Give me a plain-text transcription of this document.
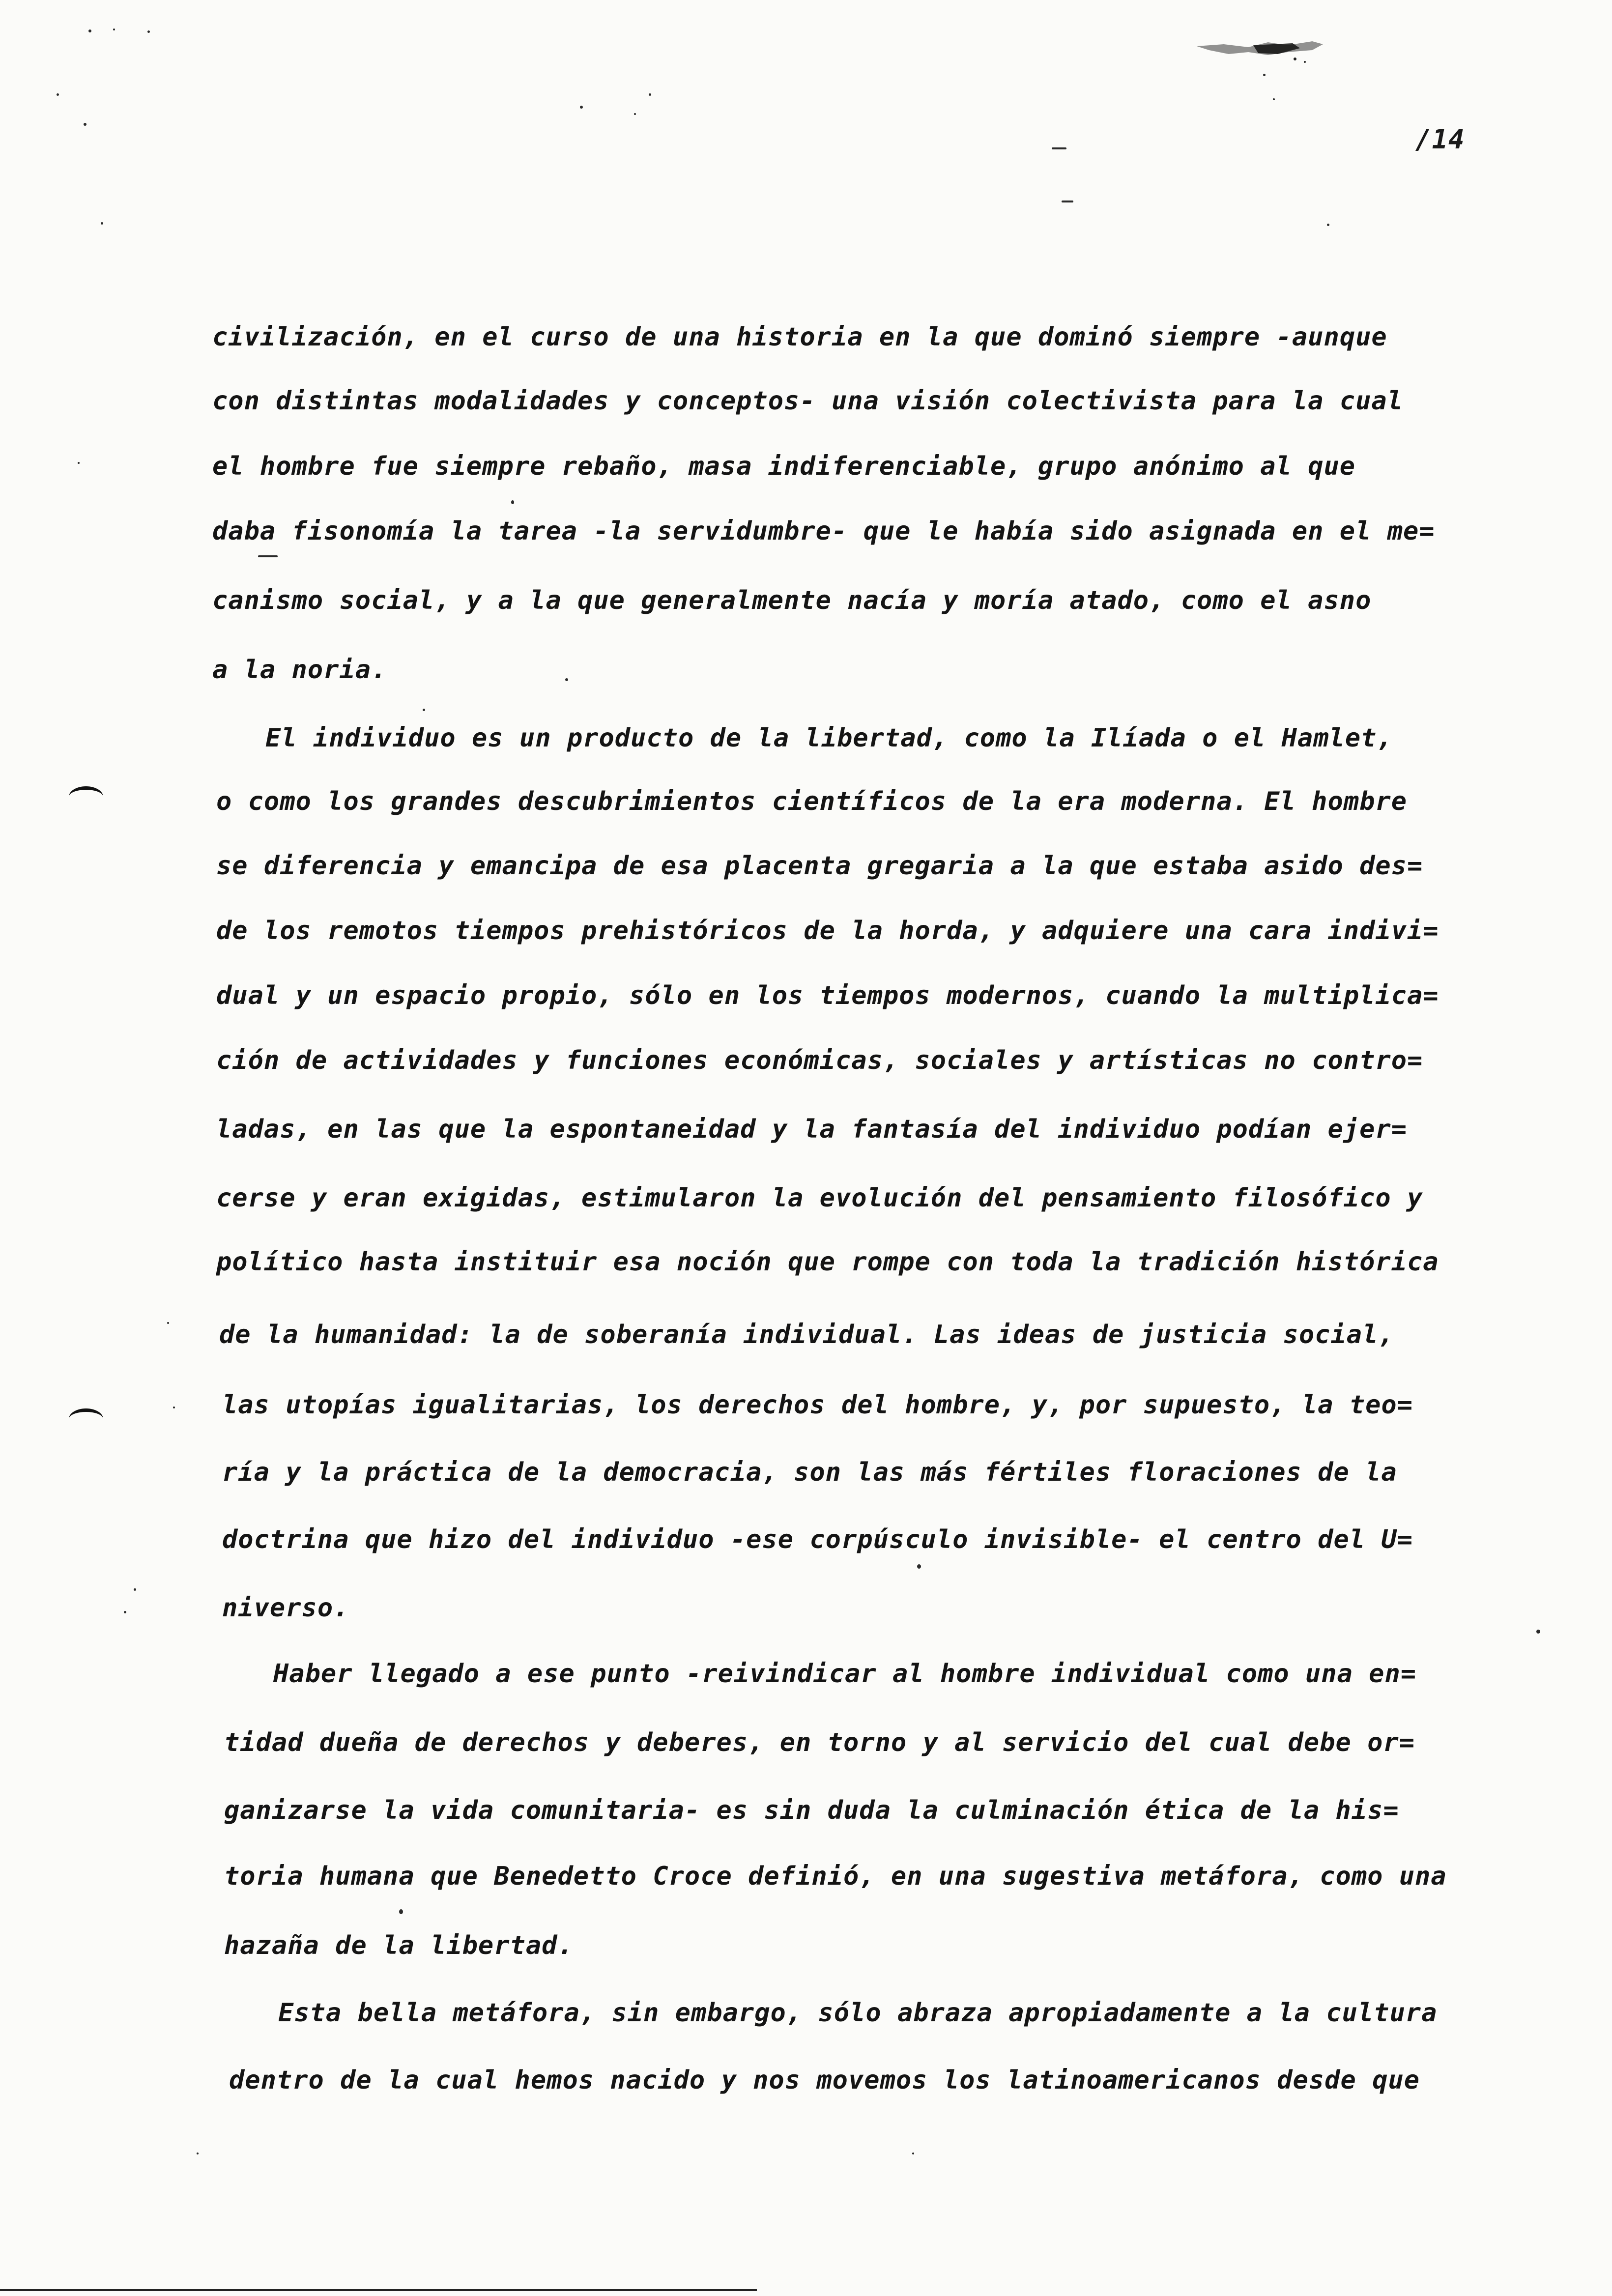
/14
civilización, en el curso de una historia en la que dominó siempre -aunque
con distintas modalidades y conceptos- una visión colectivista para la cual
el hombre fue siempre rebaño, masa indiferenciable, grupo anónimo al que
daba fisonomía la tarea -la servidumbre- que le había sido asignada en el me=
canismo social, y a la que generalmente nacía y moría atado, como el asno
a la noria.
El individuo es un producto de la libertad, como la Ilíada o el Hamlet,
o como los grandes descubrimientos científicos de la era moderna. El hombre
se diferencia y emancipa de esa placenta gregaria a la que estaba asido des=
de los remotos tiempos prehistóricos de la horda, y adquiere una cara indivi=
dual y un espacio propio, sólo en los tiempos modernos, cuando la multiplica=
ción de actividades y funciones económicas, sociales y artísticas no contro=
ladas, en las que la espontaneidad y la fantasía del individuo podían ejer=
cerse y eran exigidas, estimularon la evolución del pensamiento filosófico y
político hasta instituir esa noción que rompe con toda la tradición histórica
de la humanidad: la de soberanía individual. Las ideas de justicia social,
las utopías igualitarias, los derechos del hombre, y, por supuesto, la teo=
ría y la práctica de la democracia, son las más fértiles floraciones de la
doctrina que hizo del individuo -ese corpúsculo invisible- el centro del U=
niverso.
Haber llegado a ese punto -reivindicar al hombre individual como una en=
tidad dueña de derechos y deberes, en torno y al servicio del cual debe or=
ganizarse la vida comunitaria- es sin duda la culminación ética de la his=
toria humana que Benedetto Croce definió, en una sugestiva metáfora, como una
hazaña de la libertad.
Esta bella metáfora, sin embargo, sólo abraza apropiadamente a la cultura
dentro de la cual hemos nacido y nos movemos los latinoamericanos desde que
